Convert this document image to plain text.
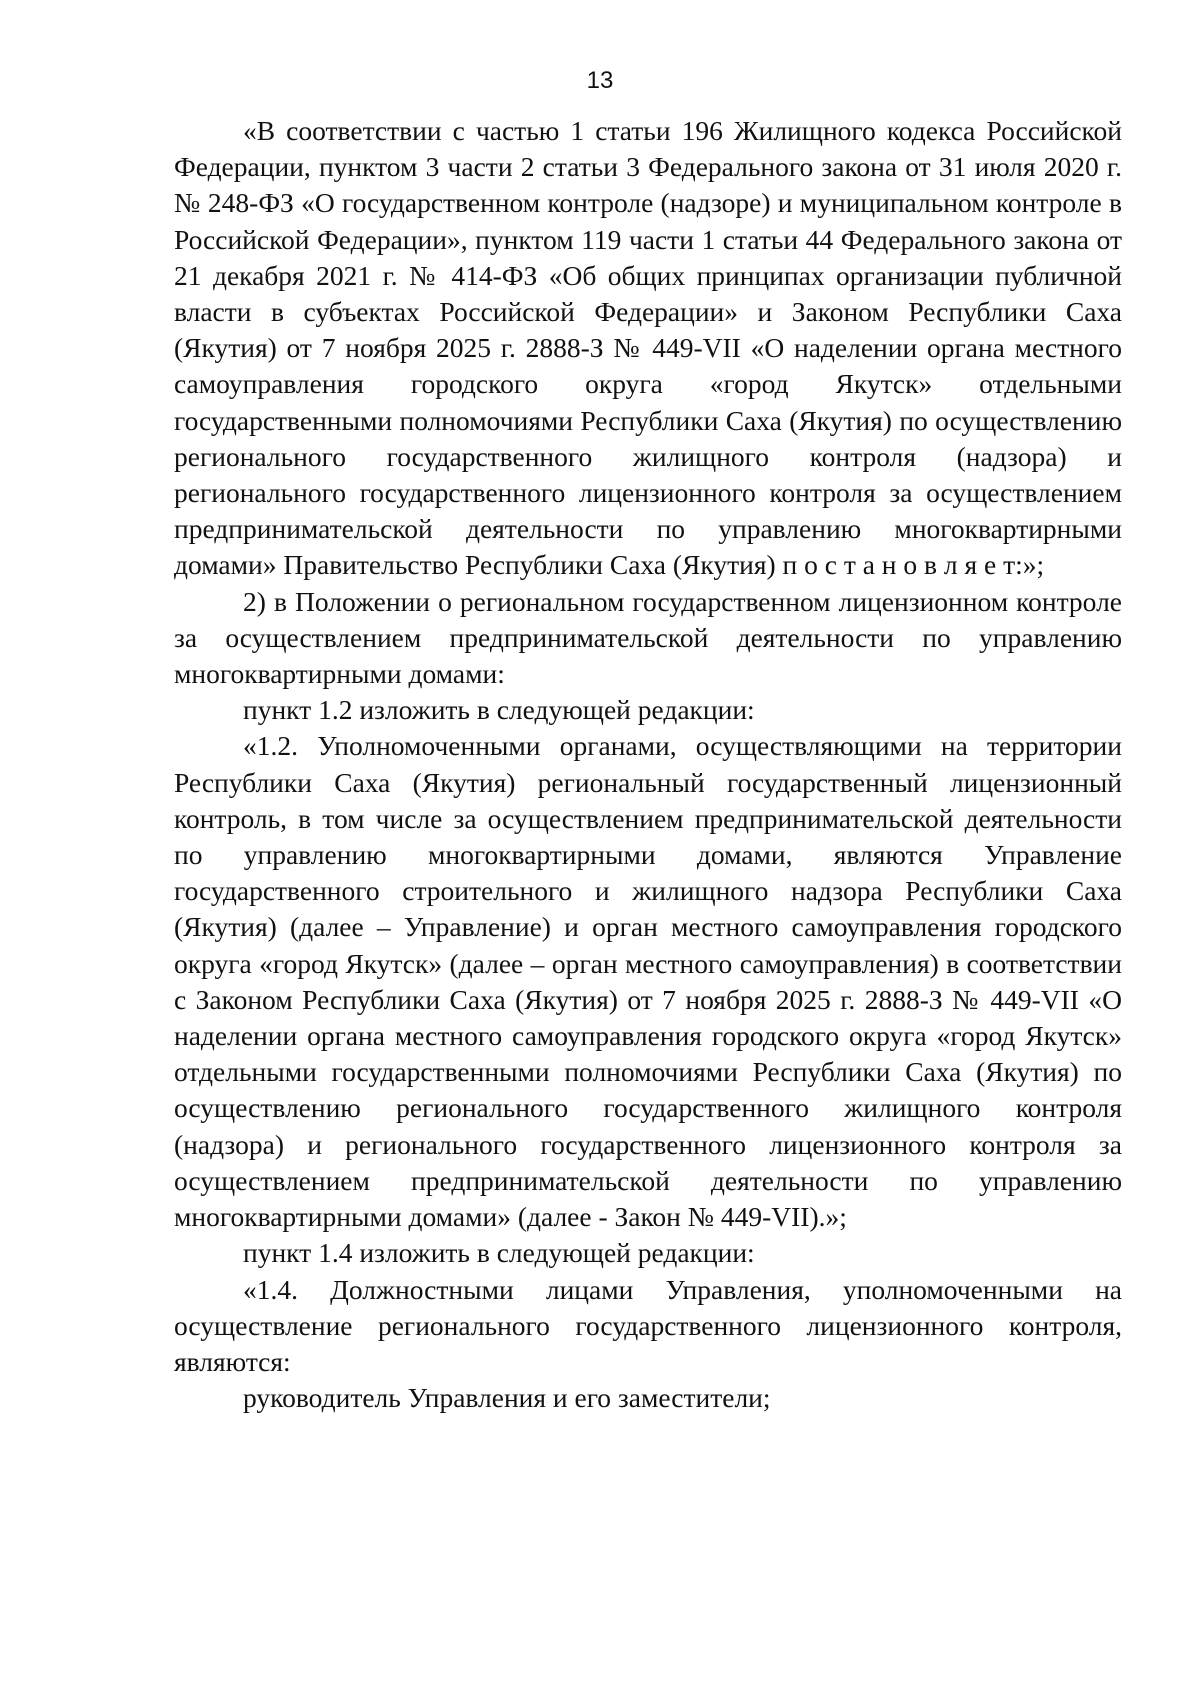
13

«В соответствии с частью 1 статьи 196 Жилищного кодекса Российской Федерации, пунктом 3 части 2 статьи 3 Федерального закона от 31 июля 2020 г. № 248-ФЗ «О государственном контроле (надзоре) и муниципальном контроле в Российской Федерации», пунктом 119 части 1 статьи 44 Федерального закона от 21 декабря 2021 г. № 414-ФЗ «Об общих принципах организации публичной власти в субъектах Российской Федерации» и Законом Республики Саха (Якутия) от 7 ноября 2025 г. 2888-З № 449-VII «О наделении органа местного самоуправления городского округа «город Якутск» отдельными государственными полномочиями Республики Саха (Якутия) по осуществлению регионального государственного жилищного контроля (надзора) и регионального государственного лицензионного контроля за осуществлением предпринимательской деятельности по управлению многоквартирными домами» Правительство Республики Саха (Якутия) п о с т а н о в л я е т:»;

2) в Положении о региональном государственном лицензионном контроле за осуществлением предпринимательской деятельности по управлению многоквартирными домами:

пункт 1.2 изложить в следующей редакции:

«1.2. Уполномоченными органами, осуществляющими на территории Республики Саха (Якутия) региональный государственный лицензионный контроль, в том числе за осуществлением предпринимательской деятельности по управлению многоквартирными домами, являются Управление государственного строительного и жилищного надзора Республики Саха (Якутия) (далее – Управление) и орган местного самоуправления городского округа «город Якутск» (далее – орган местного самоуправления) в соответствии с Законом Республики Саха (Якутия) от 7 ноября 2025 г. 2888-З № 449-VII «О наделении органа местного самоуправления городского округа «город Якутск» отдельными государственными полномочиями Республики Саха (Якутия) по осуществлению регионального государственного жилищного контроля (надзора) и регионального государственного лицензионного контроля за осуществлением предпринимательской деятельности по управлению многоквартирными домами» (далее - Закон № 449-VII).»;

пункт 1.4 изложить в следующей редакции:

«1.4. Должностными лицами Управления, уполномоченными на осуществление регионального государственного лицензионного контроля, являются:

руководитель Управления и его заместители;
